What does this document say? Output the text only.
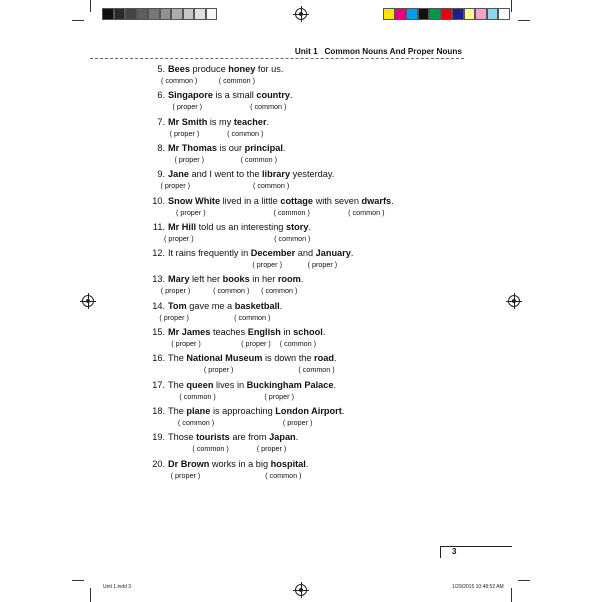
Unit 1 Common Nouns And Proper Nouns
5. Bees produce honey for us.
( common )	( common )
6. Singapore is a small country.
( proper )	( common )
7. Mr Smith is my teacher.
( proper )	( common )
8. Mr Thomas is our principal.
( proper )	( common )
9. Jane and I went to the library yesterday.
( proper )	( common )
10. Snow White lived in a little cottage with seven dwarfs.
( proper )	( common )	( common )
11. Mr Hill told us an interesting story.
( proper )	( common )
12. It rains frequently in December and January.
( proper )	( proper )
13. Mary left her books in her room.
( proper )	( common ) ( common )
14. Tom gave me a basketball.
( proper )	( common )
15. Mr James teaches English in school.
( proper )	( proper ) ( common )
16. The National Museum is down the road.
( proper )	( common )
17. The queen lives in Buckingham Palace.
( common )	( proper )
18. The plane is approaching London Airport.
( common )	( proper )
19. Those tourists are from Japan.
( common )	( proper )
20. Dr Brown works in a big hospital.
( proper )	( common )
3
Unit 1.indd 3	1/29/2015 10:48:52 AM
